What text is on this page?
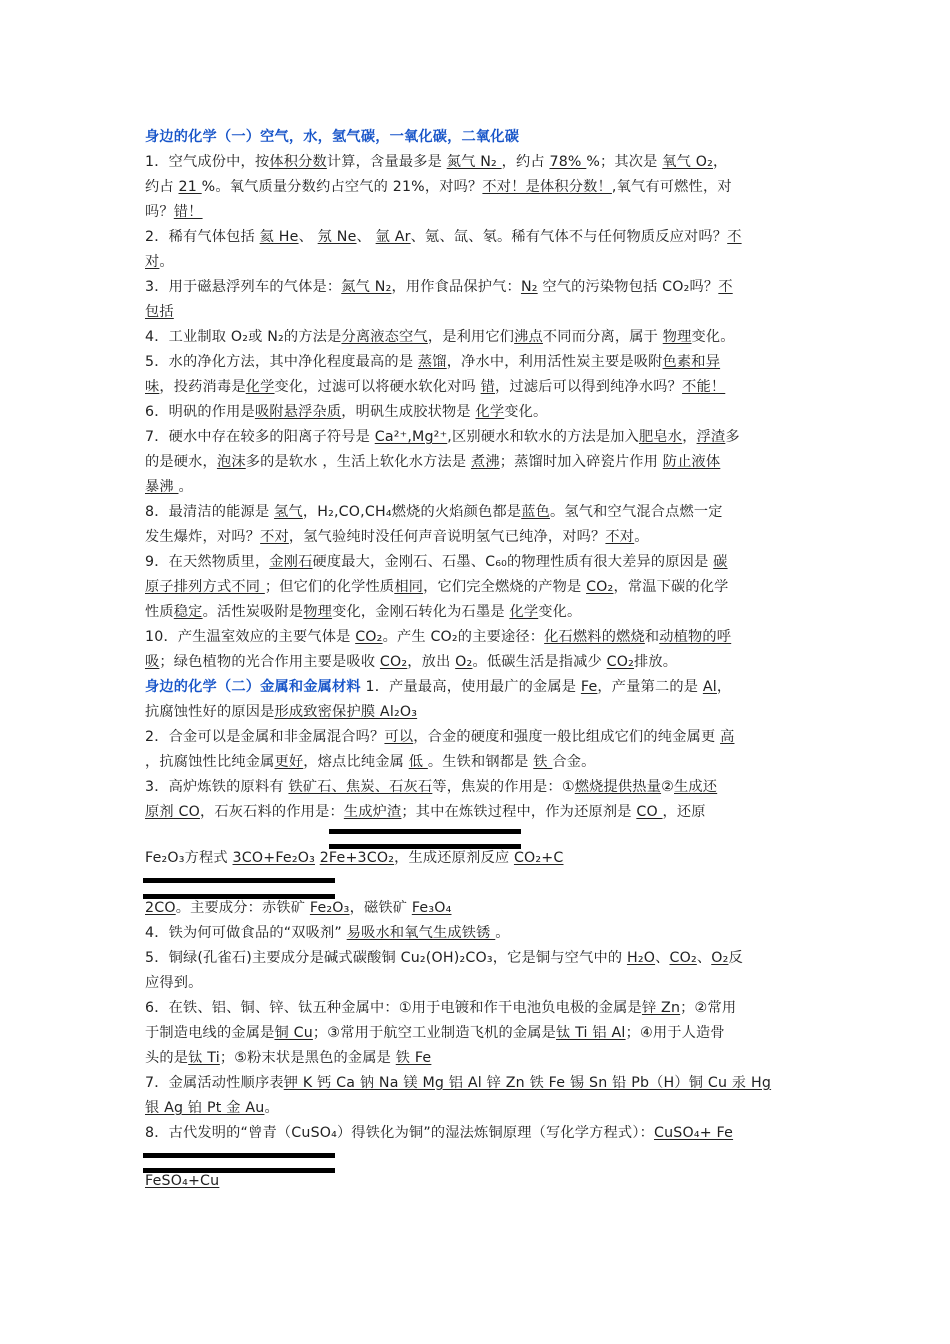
身边的化学（一）空气，水，氢气碳，一氧化碳，二氧化碳
1．空气成份中，按体积分数计算，含量最多是 氮气 N₂ ，约占 78% %；其次是 氧气 O₂，
约占 21 %。氧气质量分数约占空气的 21%，对吗？不对！是体积分数！,氧气有可燃性，对
吗？错！
2．稀有气体包括 氦 He、 氖 Ne、 氩 Ar、氪、氙、氡。稀有气体不与任何物质反应对吗？不
对。
3．用于磁悬浮列车的气体是：氮气 N₂，用作食品保护气：N₂ 空气的污染物包括 CO₂吗？不
包括
4．工业制取 O₂或 N₂的方法是分离液态空气，是利用它们沸点不同而分离，属于 物理变化。
5．水的净化方法，其中净化程度最高的是 蒸馏，净水中，利用活性炭主要是吸附色素和异
味，投药消毒是化学变化，过滤可以将硬水软化对吗 错，过滤后可以得到纯净水吗？不能！
6．明矾的作用是吸附悬浮杂质，明矾生成胶状物是 化学变化。
7．硬水中存在较多的阳离子符号是 Ca²⁺,Mg²⁺,区别硬水和软水的方法是加入肥皂水，浮渣多
的是硬水，泡沫多的是软水 ，生活上软化水方法是 煮沸；蒸馏时加入碎瓷片作用 防止液体
暴沸 。
8．最清洁的能源是 氢气，H₂,CO,CH₄燃烧的火焰颜色都是蓝色。氢气和空气混合点燃一定
发生爆炸，对吗？不对，氢气验纯时没任何声音说明氢气已纯净，对吗？不对。
9．在天然物质里，金刚石硬度最大，金刚石、石墨、C₆₀的物理性质有很大差异的原因是 碳
原子排列方式不同 ；但它们的化学性质相同，它们完全燃烧的产物是 CO₂，常温下碳的化学
性质稳定。活性炭吸附是物理变化，金刚石转化为石墨是 化学变化。
10．产生温室效应的主要气体是 CO₂。产生 CO₂的主要途径：化石燃料的燃烧和动植物的呼
吸；绿色植物的光合作用主要是吸收 CO₂，放出 O₂。低碳生活是指减少 CO₂排放。
身边的化学（二）金属和金属材料 1．产量最高，使用最广的金属是 Fe，产量第二的是 Al，
抗腐蚀性好的原因是形成致密保护膜 Al₂O₃
2．合金可以是金属和非金属混合吗？可以，合金的硬度和强度一般比组成它们的纯金属更 高
，抗腐蚀性比纯金属更好，熔点比纯金属 低 。生铁和钢都是 铁 合金。
3．高炉炼铁的原料有 铁矿石、焦炭、石灰石等，焦炭的作用是：①燃烧提供热量②生成还
原剂 CO，石灰石料的作用是：生成炉渣；其中在炼铁过程中，作为还原剂是 CO ，还原
Fe₂O₃方程式 3CO+Fe₂O₃ 2Fe+3CO₂，生成还原剂反应 CO₂+C
2CO。主要成分：赤铁矿 Fe₂O₃，磁铁矿 Fe₃O₄
4．铁为何可做食品的“双吸剂” 易吸水和氧气生成铁锈 。
5．铜绿(孔雀石)主要成分是碱式碳酸铜 Cu₂(OH)₂CO₃，它是铜与空气中的 H₂O、CO₂、O₂反
应得到。
6．在铁、铝、铜、锌、钛五种金属中：①用于电镀和作干电池负电极的金属是锌 Zn；②常用
于制造电线的金属是铜 Cu；③常用于航空工业制造飞机的金属是钛 Ti 铝 Al；④用于人造骨
头的是钛 Ti；⑤粉末状是黑色的金属是 铁 Fe
7．金属活动性顺序表钾 K 钙 Ca 钠 Na 镁 Mg 铝 Al 锌 Zn 铁 Fe 锡 Sn 铅 Pb（H）铜 Cu 汞 Hg
银 Ag 铂 Pt 金 Au。
8．古代发明的“曾青（CuSO₄）得铁化为铜”的湿法炼铜原理（写化学方程式）：CuSO₄+ Fe
FeSO₄+Cu
